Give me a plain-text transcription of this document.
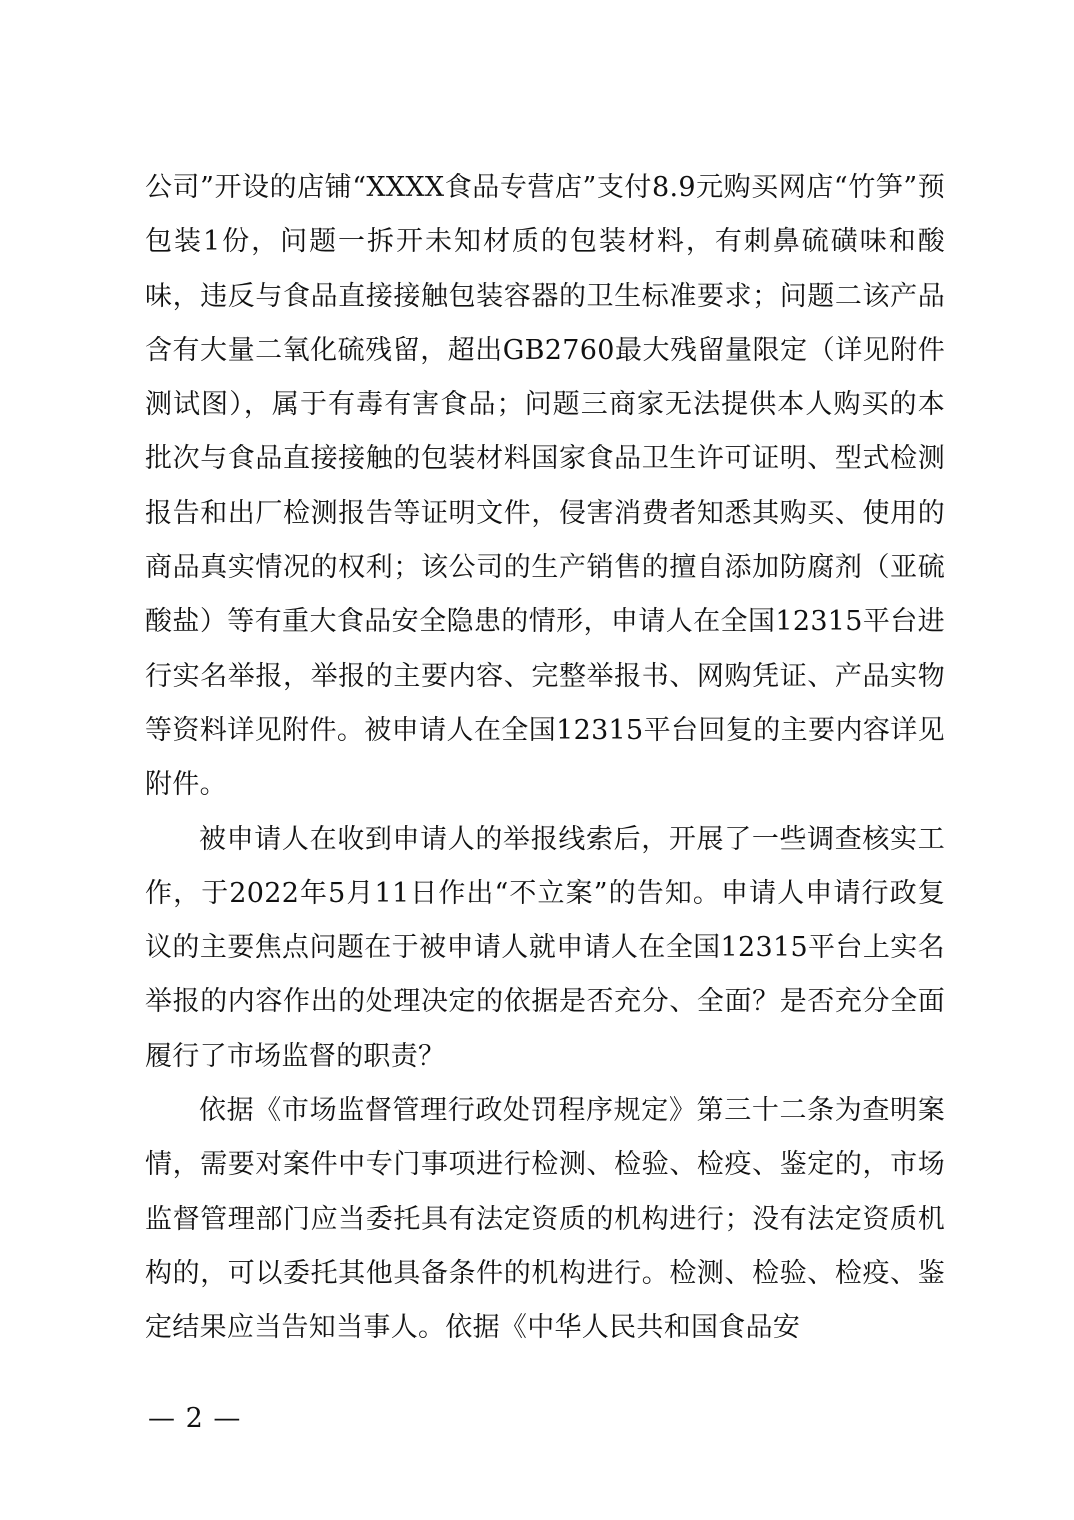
公司”开设的店铺“XXXX食品专营店”支付8.9元购买网店“竹笋”预包装1份，问题一拆开未知材质的包装材料，有刺鼻硫磺味和酸味，违反与食品直接接触包装容器的卫生标准要求；问题二该产品含有大量二氧化硫残留，超出GB2760最大残留量限定（详见附件测试图），属于有毒有害食品；问题三商家无法提供本人购买的本批次与食品直接接触的包装材料国家食品卫生许可证明、型式检测报告和出厂检测报告等证明文件，侵害消费者知悉其购买、使用的商品真实情况的权利；该公司的生产销售的擅自添加防腐剂（亚硫酸盐）等有重大食品安全隐患的情形，申请人在全国12315平台进行实名举报，举报的主要内容、完整举报书、网购凭证、产品实物等资料详见附件。被申请人在全国12315平台回复的主要内容详见附件。

被申请人在收到申请人的举报线索后，开展了一些调查核实工作，于2022年5月11日作出“不立案”的告知。申请人申请行政复议的主要焦点问题在于被申请人就申请人在全国12315平台上实名举报的内容作出的处理决定的依据是否充分、全面？是否充分全面履行了市场监督的职责？

依据《市场监督管理行政处罚程序规定》第三十二条为查明案情，需要对案件中专门事项进行检测、检验、检疫、鉴定的，市场监督管理部门应当委托具有法定资质的机构进行；没有法定资质机构的，可以委托其他具备条件的机构进行。检测、检验、检疫、鉴定结果应当告知当事人。依据《中华人民共和国食品安

— 2 —
